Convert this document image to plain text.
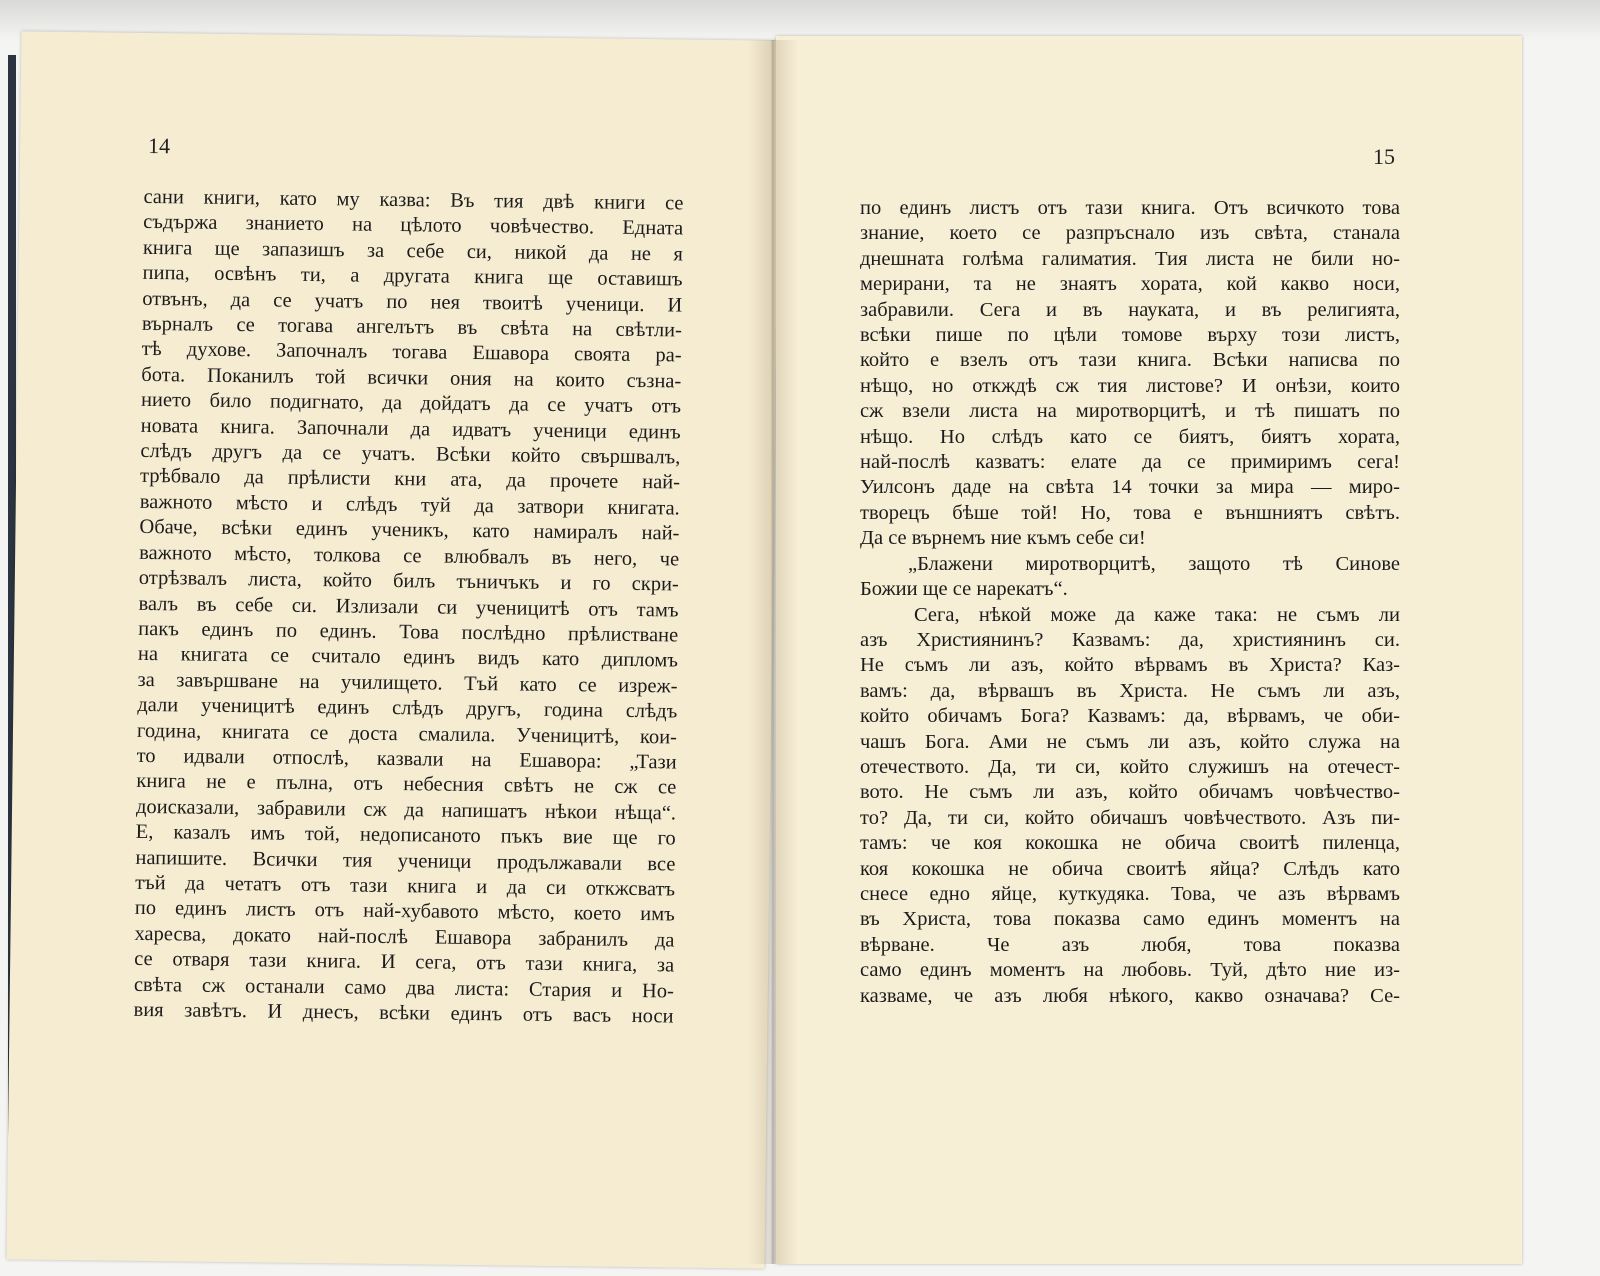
14
сани книги, като му казва: Въ тия двѣ книги се
съдържа знанието на цѣлото човѣчество. Едната
книга ще запазишъ за себе си, никой да не я
пипа, освѣнъ ти, а другата книга ще оставишъ
отвънъ, да се учатъ по нея твоитѣ ученици. И
върналъ се тогава ангелътъ въ свѣта на свѣтли-
тѣ духове. Започналъ тогава Ешавора своята ра-
бота. Поканилъ той всички ония на които съзна-
нието било подигнато, да дойдатъ да се учатъ отъ
новата книга. Започнали да идватъ ученици единъ
слѣдъ другъ да се учатъ. Всѣки който свършвалъ,
трѣбвало да прѣлисти кни ата, да прочете най-
важното мѣсто и слѣдъ туй да затвори книгата.
Обаче, всѣки единъ ученикъ, като намиралъ най-
важното мѣсто, толкова се влюбвалъ въ него, че
отрѣзвалъ листа, който билъ тъничъкъ и го скри-
валъ въ себе си. Излизали си ученицитѣ отъ тамъ
пакъ единъ по единъ. Това послѣдно прѣлистване
на книгата се считало единъ видъ като дипломъ
за завършване на училището. Тъй като се изреж-
дали ученицитѣ единъ слѣдъ другъ, година слѣдъ
година, книгата се доста смалила. Ученицитѣ, кои-
то идвали отпослѣ, казвали на Ешавора: „Тази
книга не е пълна, отъ небесния свѣтъ не сж се
доисказали, забравили сж да напишатъ нѣкои нѣща“.
Е, казалъ имъ той, недописаното пъкъ вие ще го
напишите. Всички тия ученици продължавали все
тъй да четатъ отъ тази книга и да си откжсватъ
по единъ листъ отъ най-хубавото мѣсто, което имъ
харесва, докато най-послѣ Ешавора забранилъ да
се отваря тази книга. И сега, отъ тази книга, за
свѣта сж останали само два листа: Стария и Но-
вия завѣтъ. И днесъ, всѣки единъ отъ васъ носи
15
по единъ листъ отъ тази книга. Отъ всичкото това
знание, което се разпръснало изъ свѣта, станала
днешната голѣма галиматия. Тия листа не били но-
мерирани, та не знаятъ хората, кой какво носи,
забравили. Сега и въ науката, и въ религията,
всѣки пише по цѣли томове върху този листъ,
който е взелъ отъ тази книга. Всѣки написва по
нѣщо, но откждѣ сж тия листове? И онѣзи, които
сж взели листа на миротворцитѣ, и тѣ пишатъ по
нѣщо. Но слѣдъ като се биятъ, биятъ хората,
най-послѣ казватъ: елате да се примиримъ сега!
Уилсонъ даде на свѣта 14 точки за мира — миро-
творецъ бѣше той! Но, това е външниятъ свѣтъ.
Да се върнемъ ние къмъ себе си!
„Блажени миротворцитѣ, защото тѣ Синове
Божии ще се нарекатъ“.
Сега, нѣкой може да каже така: не съмъ ли
азъ Християнинъ? Казвамъ: да, християнинъ си.
Не съмъ ли азъ, който вѣрвамъ въ Христа? Каз-
вамъ: да, вѣрвашъ въ Христа. Не съмъ ли азъ,
който обичамъ Бога? Казвамъ: да, вѣрвамъ, че оби-
чашъ Бога. Ами не съмъ ли азъ, който служа на
отечеството. Да, ти си, който служишъ на отечест-
вото. Не съмъ ли азъ, който обичамъ човѣчество-
то? Да, ти си, който обичашъ човѣчеството. Азъ пи-
тамъ: че коя кокошка не обича своитѣ пиленца,
коя кокошка не обича своитѣ яйца? Слѣдъ като
снесе едно яйце, куткудяка. Това, че азъ вѣрвамъ
въ Христа, това показва само единъ моментъ на
вѣрване. Че азъ любя, това показва
само единъ моментъ на любовь. Туй, дѣто ние из-
казваме, че азъ любя нѣкого, какво означава? Се-
